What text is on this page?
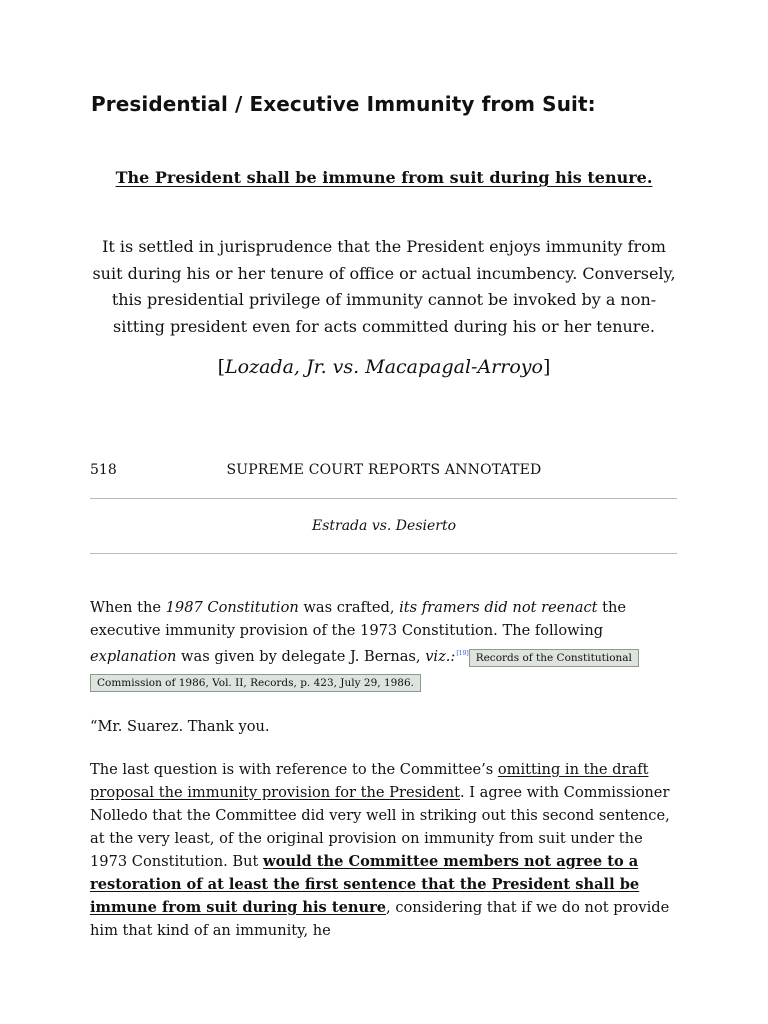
Presidential / Executive Immunity from Suit:

The President shall be immune from suit during his tenure.

It is settled in jurisprudence that the President enjoys immunity from suit during his or her tenure of office or actual incumbency. Conversely, this presidential privilege of immunity cannot be invoked by a non-sitting president even for acts committed during his or her tenure.

[Lozada, Jr. vs. Macapagal-Arroyo]

518	SUPREME COURT REPORTS ANNOTATED
Estrada vs. Desierto

When the 1987 Constitution was crafted, its framers did not reenact the executive immunity provision of the 1973 Constitution. The following explanation was given by delegate J. Bernas, viz.:[19] Records of the Constitutional Commission of 1986, Vol. II, Records, p. 423, July 29, 1986.

“Mr. Suarez. Thank you.

The last question is with reference to the Committee’s omitting in the draft proposal the immunity provision for the President. I agree with Commissioner Nolledo that the Committee did very well in striking out this second sentence, at the very least, of the original provision on immunity from suit under the 1973 Constitution. But would the Committee members not agree to a restoration of at least the first sentence that the President shall be immune from suit during his tenure, considering that if we do not provide him that kind of an immunity, he
